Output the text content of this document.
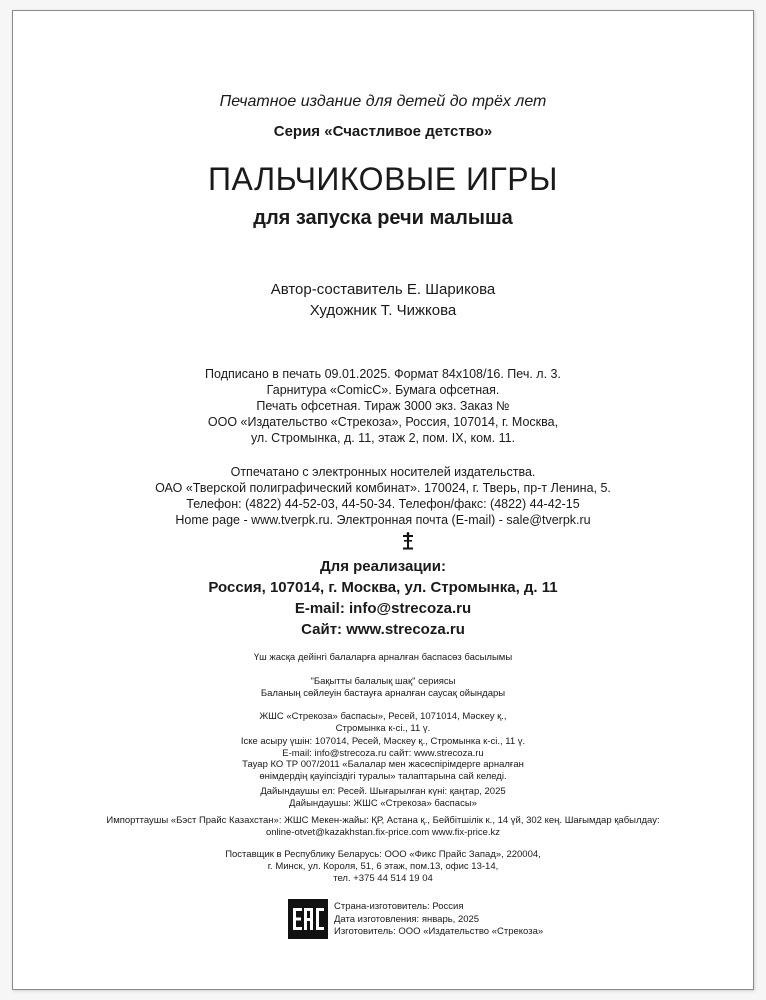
Печатное издание для детей до трёх лет
Серия «Счастливое детство»
ПАЛЬЧИКОВЫЕ ИГРЫ
для запуска речи малыша
Автор-составитель Е. Шарикова
Художник Т. Чижкова
Подписано в печать 09.01.2025. Формат 84x108/16. Печ. л. 3.
Гарнитура «ComicC». Бумага офсетная.
Печать офсетная. Тираж 3000 экз. Заказ №
ООО «Издательство «Стрекоза», Россия, 107014, г. Москва,
ул. Стромынка, д. 11, этаж 2, пом. IX, ком. 11.
Отпечатано с электронных носителей издательства.
ОАО «Тверской полиграфический комбинат». 170024, г. Тверь, пр-т Ленина, 5.
Телефон: (4822) 44-52-03, 44-50-34. Телефон/факс: (4822) 44-42-15
Home page - www.tverpk.ru. Электронная почта (E-mail) - sale@tverpk.ru
Для реализации:
Россия, 107014, г. Москва, ул. Стромынка, д. 11
E-mail: info@strecoza.ru
Сайт: www.strecoza.ru
Үш жасқа дейінгі балаларға арналған баспасөз басылымы
"Бақытты балалық шақ" сериясы
Баланың сөйлеуін бастауға арналған саусақ ойындары
ЖШС «Стрекоза» баспасы», Ресей, 1071014, Мәскеу қ.,
Стромынка к-сі., 11 ү.
Іске асыру үшін: 107014, Ресей, Мәскеу қ., Стромынка к-сі., 11 ү.
E-mail: info@strecoza.ru сайт: www.strecoza.ru
Тауар КО ТР 007/2011 «Балалар мен жасөспірімдерге арналған
өнімдердің қауіпсіздігі туралы» талаптарына сай келеді.
Дайындаушы ел: Ресей. Шығарылған күні: қаңтар, 2025
Дайындаушы: ЖШС «Стрекоза» баспасы»
Импорттаушы «Бэст Прайс Казахстан»: ЖШС Мекен-жайы: ҚР, Астана қ., Бейбітшілік к., 14 үй, 302 кең. Шағымдар қабылдау:
online-otvet@kazakhstan.fix-price.com www.fix-price.kz
Поставщик в Республику Беларусь: ООО «Фикс Прайс Запад», 220004,
г. Минск, ул. Короля, 51, 6 этаж, пом.13, офис 13-14,
тел. +375 44 514 19 04
Страна-изготовитель: Россия
Дата изготовления: январь, 2025
Изготовитель: ООО «Издательство «Стрекоза»
